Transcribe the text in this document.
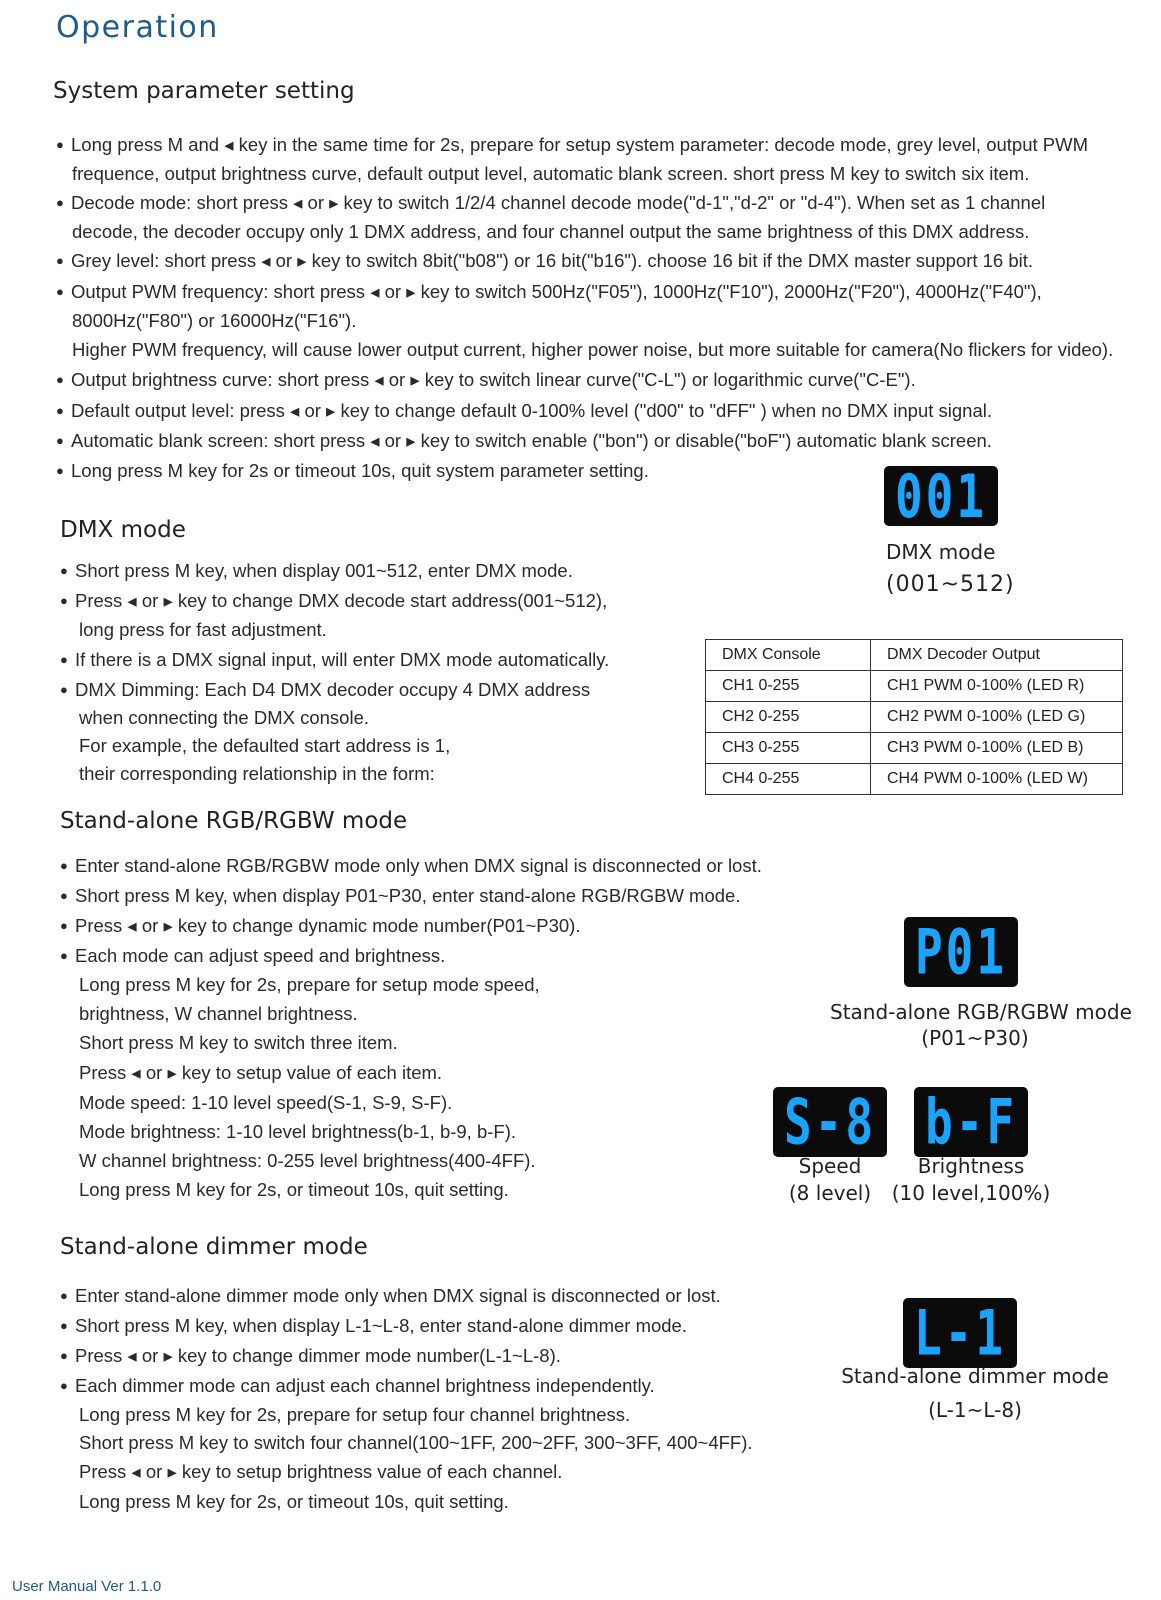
Operation
System parameter setting
● Long press M and ◂ key in the same time for 2s, prepare for setup system parameter: decode mode, grey level, output PWM
frequence, output brightness curve, default output level, automatic blank screen. short press M key to switch six item.
● Decode mode: short press ◂ or ▸ key to switch 1/2/4 channel decode mode("d-1","d-2" or "d-4"). When set as 1 channel
decode, the decoder occupy only 1 DMX address, and four channel output the same brightness of this DMX address.
● Grey level: short press ◂ or ▸ key to switch 8bit("b08") or 16 bit("b16"). choose 16 bit if the DMX master support 16 bit.
● Output PWM frequency: short press ◂ or ▸ key to switch 500Hz("F05"), 1000Hz("F10"), 2000Hz("F20"), 4000Hz("F40"),
8000Hz("F80") or 16000Hz("F16").
Higher PWM frequency, will cause lower output current, higher power noise, but more suitable for camera(No flickers for video).
● Output brightness curve: short press ◂ or ▸ key to switch linear curve("C-L") or logarithmic curve("C-E").
● Default output level: press ◂ or ▸ key to change default 0-100% level ("d00" to "dFF" ) when no DMX input signal.
● Automatic blank screen: short press ◂ or ▸ key to switch enable ("bon") or disable("boF") automatic blank screen.
● Long press M key for 2s or timeout 10s, quit system parameter setting.
DMX mode
● Short press M key, when display 001~512, enter DMX mode.
● Press ◂ or ▸ key to change DMX decode start address(001~512),
long press for fast adjustment.
● If there is a DMX signal input, will enter DMX mode automatically.
● DMX Dimming: Each D4 DMX decoder occupy 4 DMX address
when connecting the DMX console.
For example, the defaulted start address is 1,
their corresponding relationship in the form:
001
DMX mode
(001~512)
DMX Console	DMX Decoder Output
CH1 0-255	CH1 PWM 0-100% (LED R)
CH2 0-255	CH2 PWM 0-100% (LED G)
CH3 0-255	CH3 PWM 0-100% (LED B)
CH4 0-255	CH4 PWM 0-100% (LED W)
Stand-alone RGB/RGBW mode
● Enter stand-alone RGB/RGBW mode only when DMX signal is disconnected or lost.
● Short press M key, when display P01~P30, enter stand-alone RGB/RGBW mode.
● Press ◂ or ▸ key to change dynamic mode number(P01~P30).
● Each mode can adjust speed and brightness.
Long press M key for 2s, prepare for setup mode speed,
brightness, W channel brightness.
Short press M key to switch three item.
Press ◂ or ▸ key to setup value of each item.
Mode speed: 1-10 level speed(S-1, S-9, S-F).
Mode brightness: 1-10 level brightness(b-1, b-9, b-F).
W channel brightness: 0-255 level brightness(400-4FF).
Long press M key for 2s, or timeout 10s, quit setting.
P01
Stand-alone RGB/RGBW mode
(P01~P30)
S-8 b-F
Speed
(8 level)
Brightness
(10 level,100%)
Stand-alone dimmer mode
● Enter stand-alone dimmer mode only when DMX signal is disconnected or lost.
● Short press M key, when display L-1~L-8, enter stand-alone dimmer mode.
● Press ◂ or ▸ key to change dimmer mode number(L-1~L-8).
● Each dimmer mode can adjust each channel brightness independently.
Long press M key for 2s, prepare for setup four channel brightness.
Short press M key to switch four channel(100~1FF, 200~2FF, 300~3FF, 400~4FF).
Press ◂ or ▸ key to setup brightness value of each channel.
Long press M key for 2s, or timeout 10s, quit setting.
L-1
Stand-alone dimmer mode
(L-1~L-8)
User Manual Ver 1.1.0
